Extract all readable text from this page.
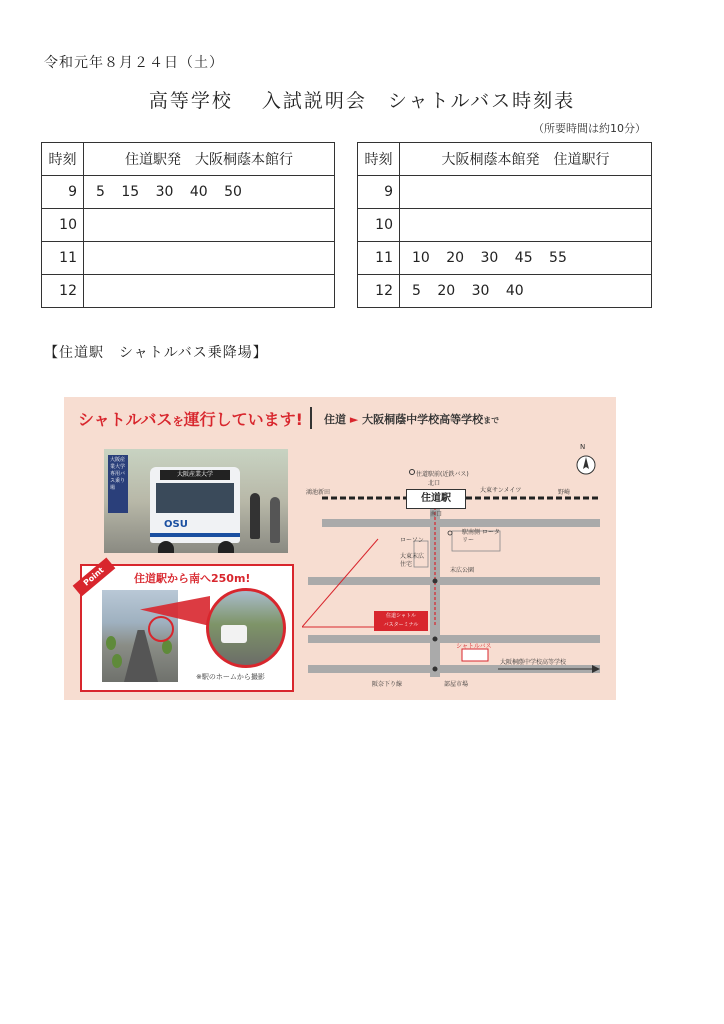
令和元年８月２４日（土）
高等学校　 入試説明会　シャトルバス時刻表
（所要時間は約10分）
時刻	住道駅発　大阪桐蔭本館行
9	5 15 30 40 50
10	
11	
12	
時刻	大阪桐蔭本館発　住道駅行
9	
10	
11	10 20 30 45 55
12	5 20 30 40
【住道駅　シャトルバス乗降場】
シャトルバスを運行しています! 住道 ► 大阪桐蔭中学校高等学校まで
大阪産業大学 専用バス乗り場
大阪産業大学
OSU
Point	住道駅から南へ250m!
※駅のホームから撮影
N
住道駅前(近鉄バス)
北口
住道駅
南口
鴻池新田	大東サンメイツ	野崎
ローソン
駅南側 ロータリー
大東末広 住宅
末広公園
住道シャトル
バスターミナル
シャトルバス
大阪桐蔭中学校高等学校
阪奈下り線	部屋市場
